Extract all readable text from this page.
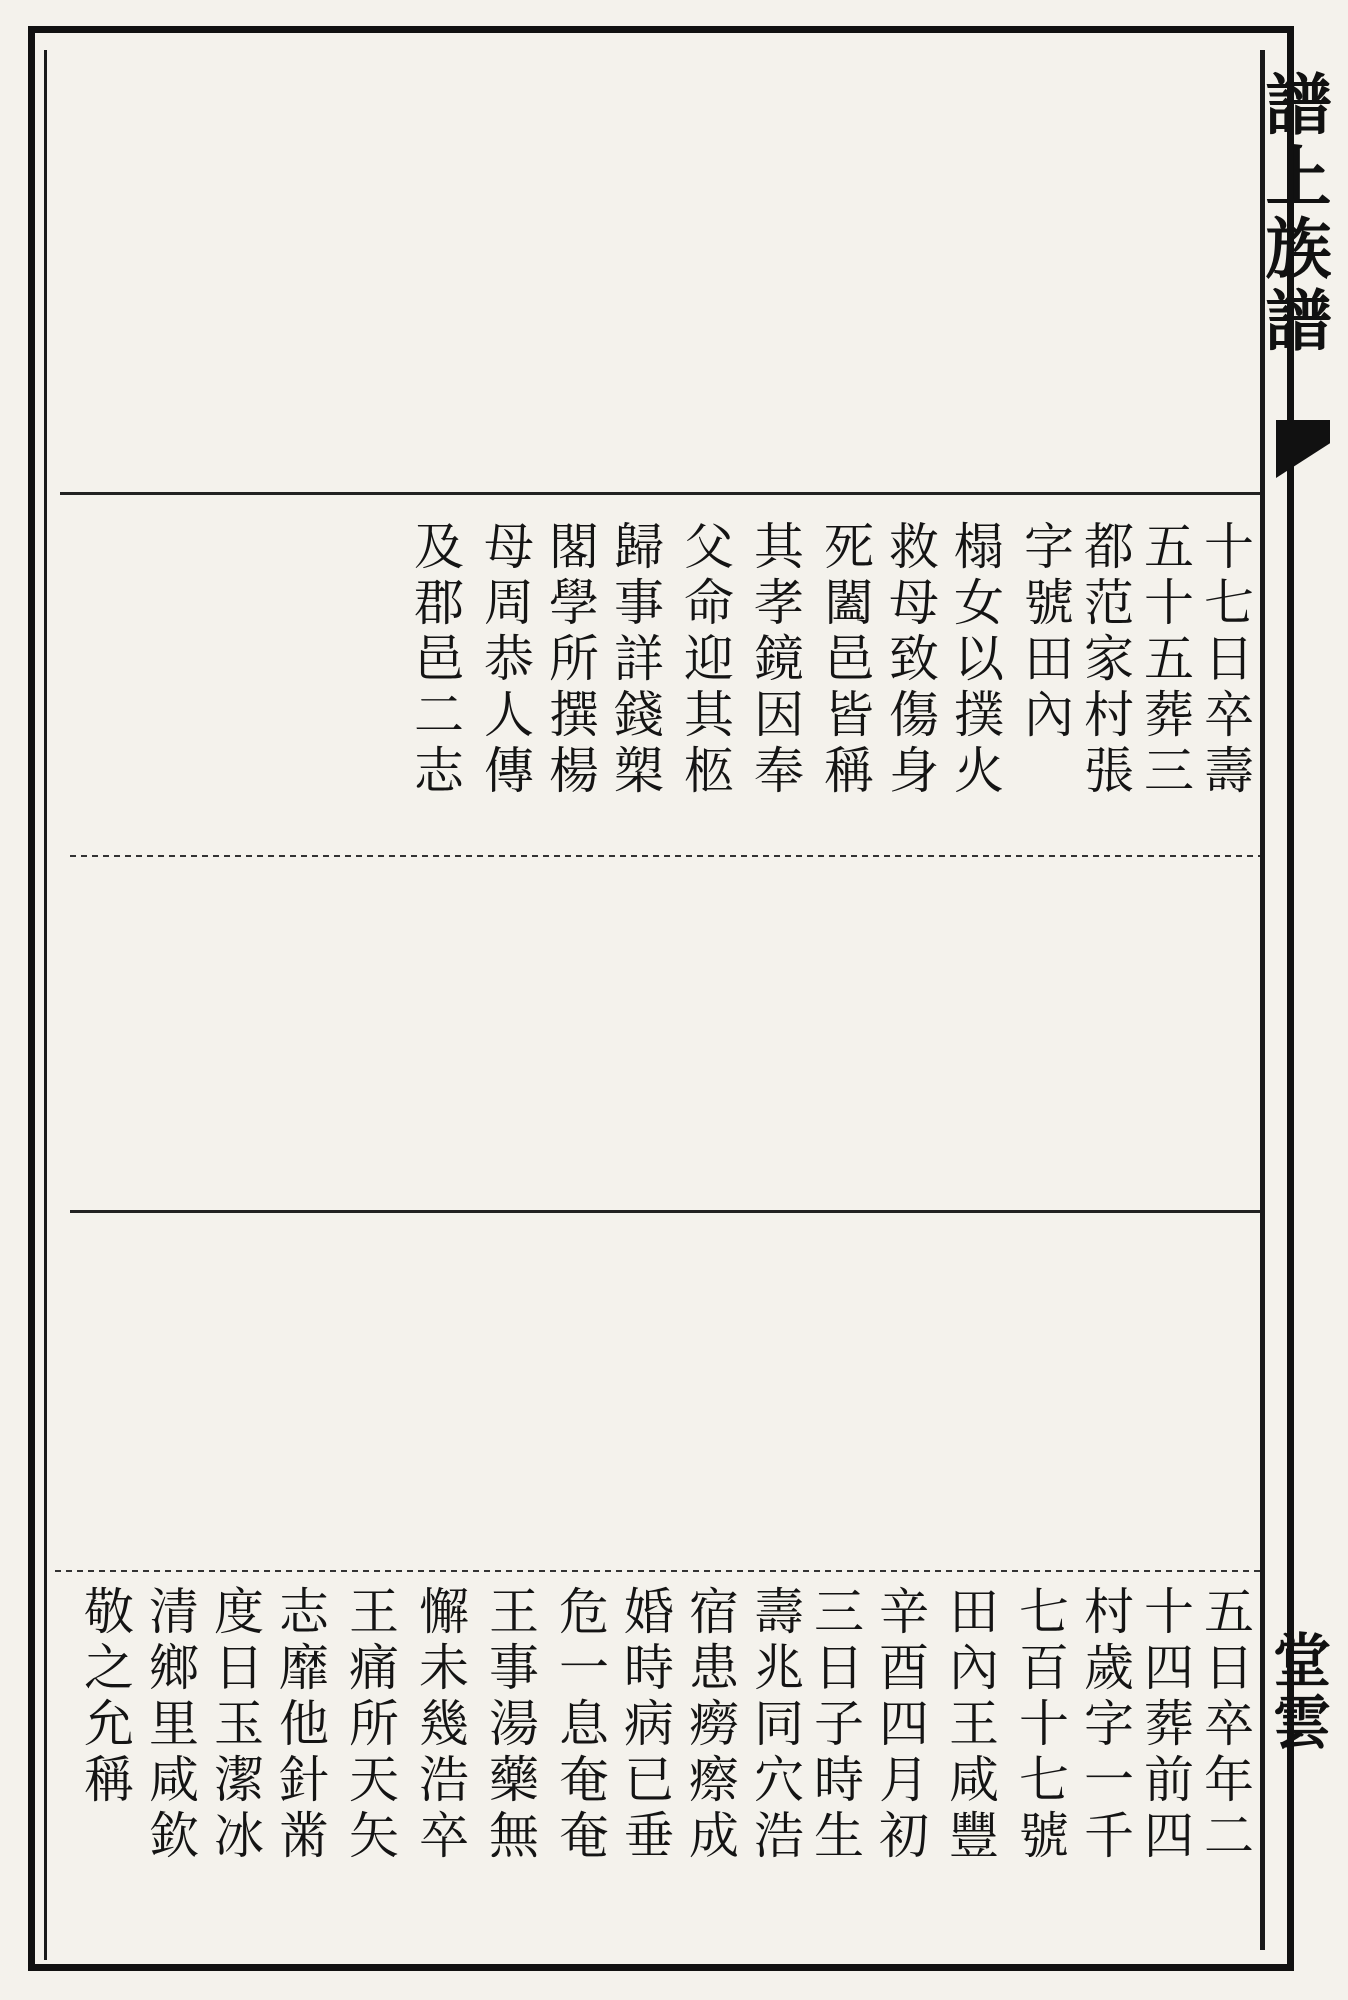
譜上族譜
堂雲
十七日卒壽
五十五葬三
都范家村張
字號田內
榻女以撲火
救母致傷身
死闔邑皆稱
其孝鏡因奉
父命迎其柩
歸事詳錢槊
閣學所撰楊
母周恭人傳
及郡邑二志
五日卒年二
十四葬前四
村歲字一千
七百十七號
田內王咸豐
辛酉四月初
三日子時生
壽兆同穴浩
宿患癆瘵成
婚時病已垂
危一息奄奄
王事湯藥無
懈未幾浩卒
王痛所天矢
志靡他針黹
度日玉潔冰
清鄉里咸欽
敬之允稱
